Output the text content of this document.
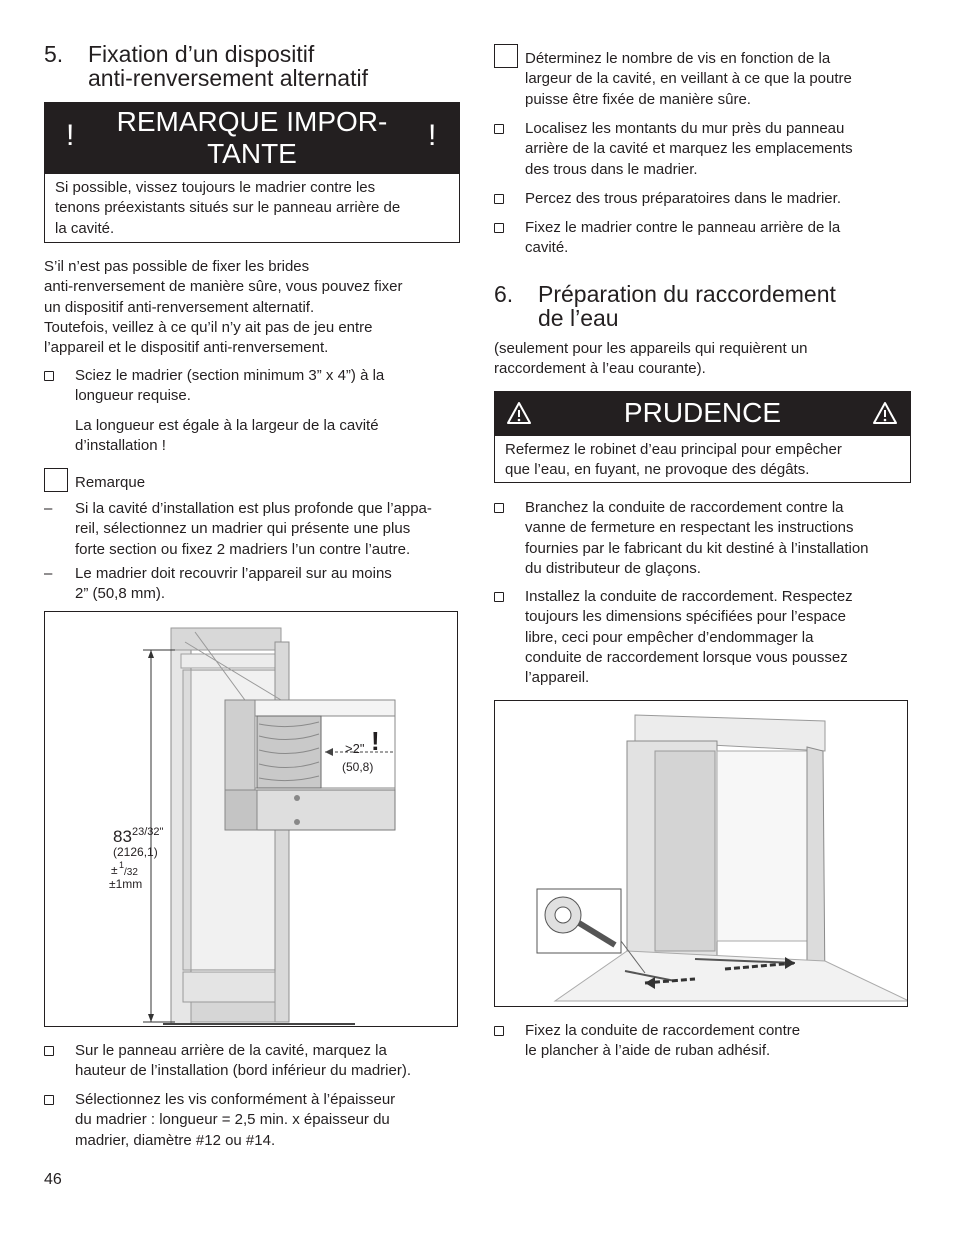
5. Fixation d’un dispositif
anti-renversement alternatif
!	REMARQUE IMPOR-
TANTE
!
Si possible, vissez toujours le madrier contre les
tenons préexistants situés sur le panneau arrière de
la cavité.
S’il n’est pas possible de fixer les brides
anti-renversement de manière sûre, vous pouvez fixer
un dispositif anti-renversement alternatif.
Toutefois, veillez à ce qu’il n’y ait pas de jeu entre
l’appareil et le dispositif anti-renversement.
Sciez le madrier (section minimum 3” x 4”) à la
longueur requise.
La longueur est égale à la largeur de la cavité
d’installation !
Remarque
– Si la cavité d’installation est plus profonde que l’appa-
reil, sélectionnez un madrier qui présente une plus
forte section ou fixez 2 madriers l’un contre l’autre.
– Le madrier doit recouvrir l’appareil sur au moins
2” (50,8 mm).
>2" !
(50,8)
83 23/32"
(2126,1)
± 1
/32
±1mm
Sur le panneau arrière de la cavité, marquez la
hauteur de l’installation (bord inférieur du madrier).
Sélectionnez les vis conformément à l’épaisseur
du madrier : longueur = 2,5 min. x épaisseur du
madrier, diamètre #12 ou #14.
46
Déterminez le nombre de vis en fonction de la
largeur de la cavité, en veillant à ce que la poutre
puisse être fixée de manière sûre.
Localisez les montants du mur près du panneau
arrière de la cavité et marquez les emplacements
des trous dans le madrier.
Percez des trous préparatoires dans le madrier.
Fixez le madrier contre le panneau arrière de la
cavité.
6. Préparation du raccordement
de l’eau
(seulement pour les appareils qui requièrent un
raccordement à l’eau courante).
PRUDENCE
Refermez le robinet d’eau principal pour empêcher
que l’eau, en fuyant, ne provoque des dégâts.
Branchez la conduite de raccordement contre la
vanne de fermeture en respectant les instructions
fournies par le fabricant du kit destiné à l’installation
du distributeur de glaçons.
Installez la conduite de raccordement. Respectez
toujours les dimensions spécifiées pour l’espace
libre, ceci pour empêcher d’endommager la
conduite de raccordement lorsque vous poussez
l’appareil.
Fixez la conduite de raccordement contre
le plancher à l’aide de ruban adhésif.
